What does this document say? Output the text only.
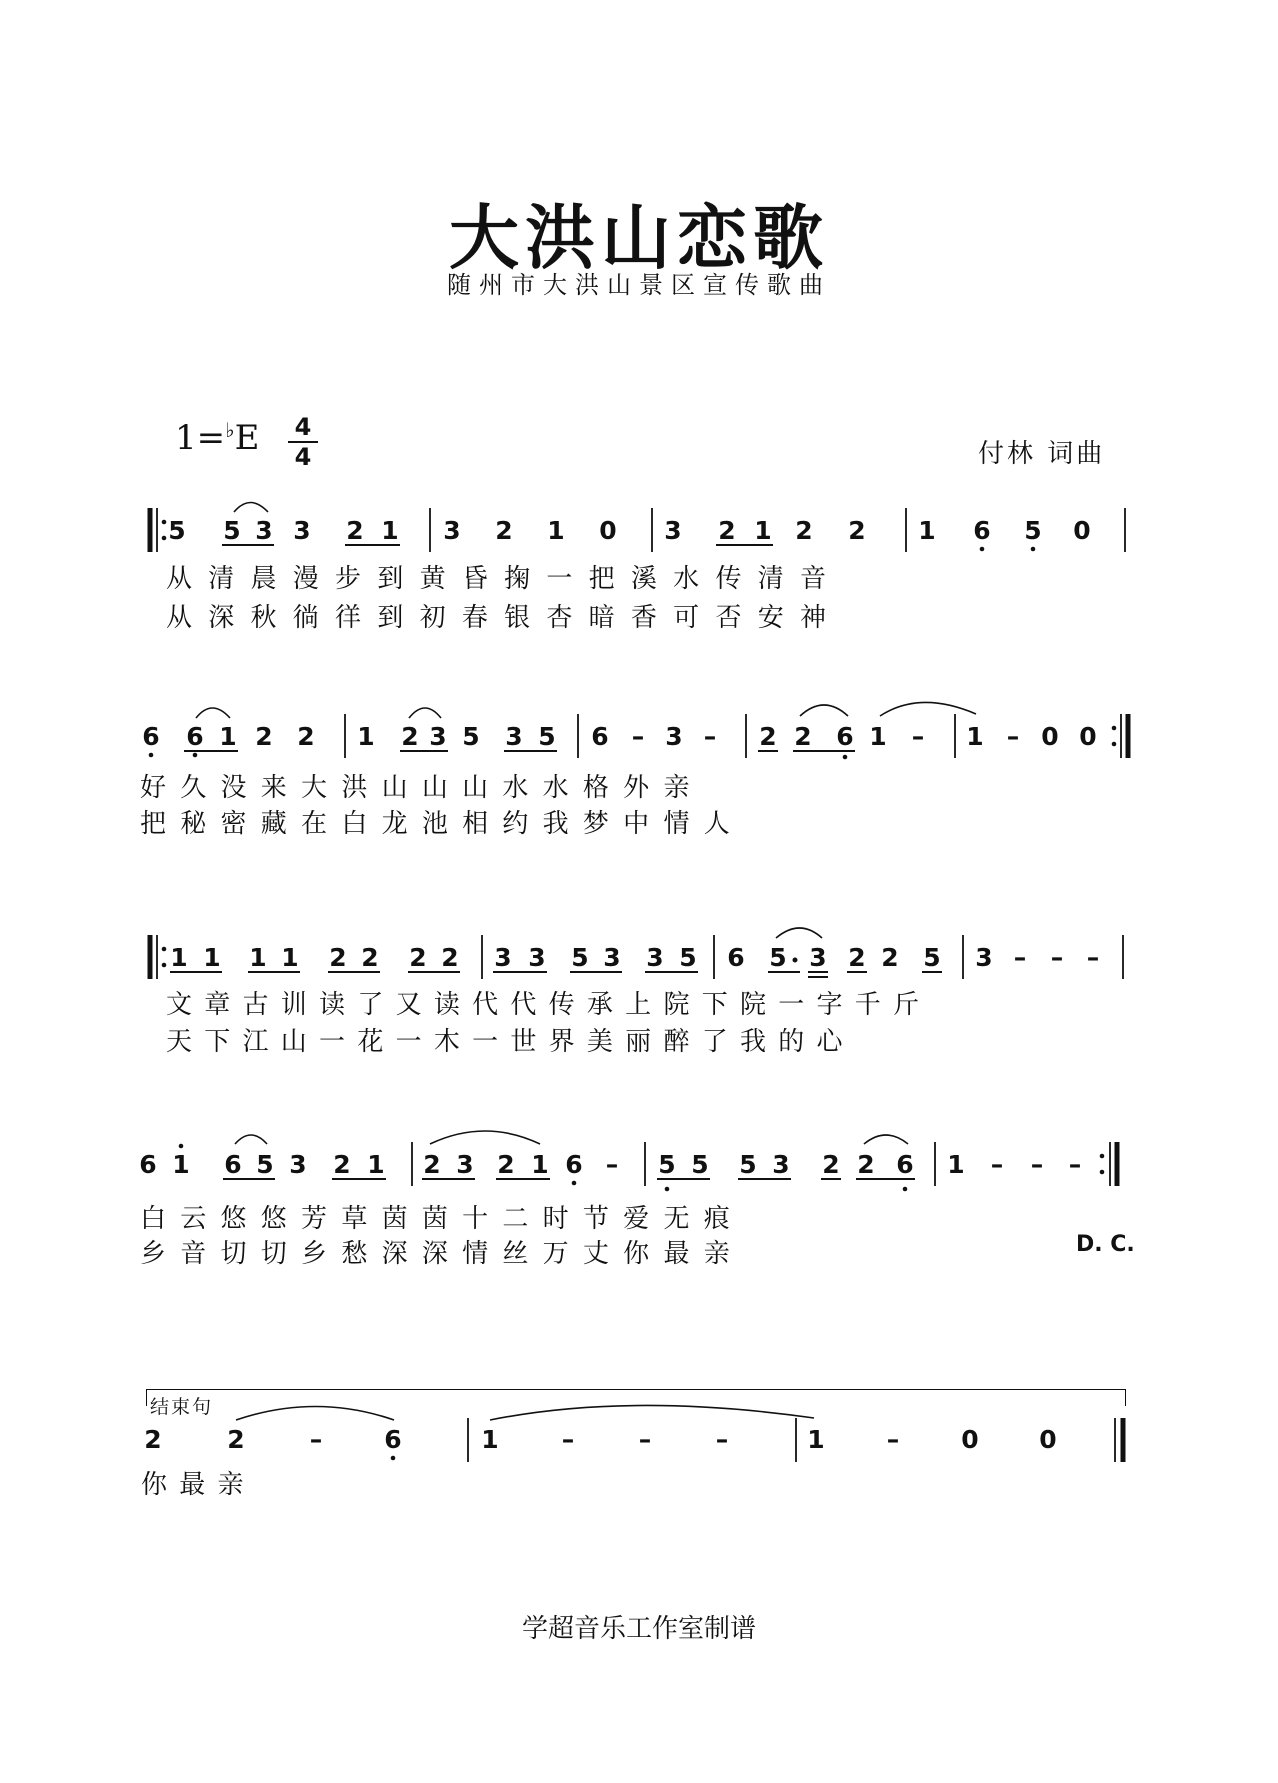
大洪山恋歌
随州市大洪山景区宣传歌曲
1=♭E 4
4	付林 词曲
5 5 3 3 2 1 3 2 1 0 3 2 1 2 2 1 6 5 0
6 6 1 2 2 1 2 3 5 3 5 6 – 3 – 2 2 6 1 – 1 – 0 0
1 1 1 1 2 2 2 2 3 3 5 3 3 5 6 5 3 2 2 5 3 – – –
6 1 6 5 3 2 1 2 3 2 1 6 – 5 5 5 3 2 2 6 1 – – –
2	2	– 6	1	–	–	–	1 – 0 0
从 清 晨 漫 步 到 黄 昏 掬 一 把 溪 水 传 清 音
从 深 秋 徜 徉 到 初 春 银 杏 暗 香 可 否 安 神
好 久 没 来 大 洪 山 山 山 水 水 格 外 亲
把 秘 密 藏 在 白 龙 池 相 约 我 梦 中 情 人
文 章 古 训 读 了 又 读 代 代 传 承 上 院 下 院 一 字 千 斤
天 下 江 山 一 花 一 木 一 世 界 美 丽 醉 了 我 的 心
白 云 悠 悠 芳 草 茵 茵 十 二 时 节 爱 无 痕
乡 音 切 切 乡 愁 深 深 情 丝 万 丈 你 最 亲	D. C.
结束句
你 最 亲
学超音乐工作室制谱
